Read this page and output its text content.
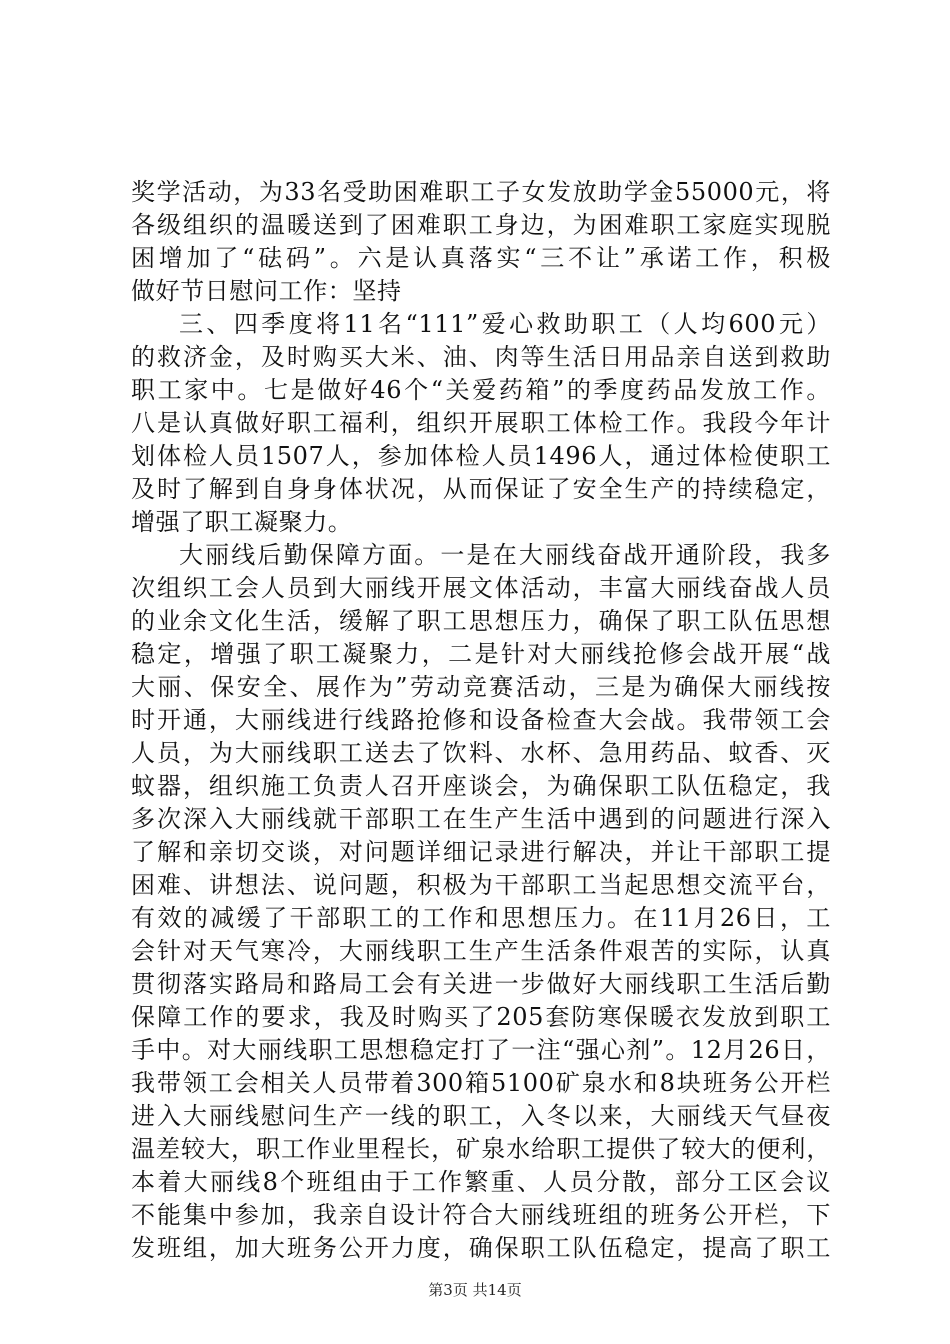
奖学活动，为33名受助困难职工子女发放助学金55000元，将
各级组织的温暖送到了困难职工身边，为困难职工家庭实现脱
困增加了“砝码”。六是认真落实“三不让”承诺工作，积极
做好节日慰问工作：坚持
三、四季度将11名“111”爱心救助职工（人均600元）
的救济金，及时购买大米、油、肉等生活日用品亲自送到救助
职工家中。七是做好46个“关爱药箱”的季度药品发放工作。
八是认真做好职工福利，组织开展职工体检工作。我段今年计
划体检人员1507人，参加体检人员1496人，通过体检使职工
及时了解到自身身体状况，从而保证了安全生产的持续稳定，
增强了职工凝聚力。
大丽线后勤保障方面。一是在大丽线奋战开通阶段，我多
次组织工会人员到大丽线开展文体活动，丰富大丽线奋战人员
的业余文化生活，缓解了职工思想压力，确保了职工队伍思想
稳定，增强了职工凝聚力，二是针对大丽线抢修会战开展“战
大丽、保安全、展作为”劳动竞赛活动，三是为确保大丽线按
时开通，大丽线进行线路抢修和设备检查大会战。我带领工会
人员，为大丽线职工送去了饮料、水杯、急用药品、蚊香、灭
蚊器，组织施工负责人召开座谈会，为确保职工队伍稳定，我
多次深入大丽线就干部职工在生产生活中遇到的问题进行深入
了解和亲切交谈，对问题详细记录进行解决，并让干部职工提
困难、讲想法、说问题，积极为干部职工当起思想交流平台，
有效的减缓了干部职工的工作和思想压力。在11月26日，工
会针对天气寒冷，大丽线职工生产生活条件艰苦的实际，认真
贯彻落实路局和路局工会有关进一步做好大丽线职工生活后勤
保障工作的要求，我及时购买了205套防寒保暖衣发放到职工
手中。对大丽线职工思想稳定打了一注“强心剂”。12月26日，
我带领工会相关人员带着300箱5100矿泉水和8块班务公开栏
进入大丽线慰问生产一线的职工，入冬以来，大丽线天气昼夜
温差较大，职工作业里程长，矿泉水给职工提供了较大的便利，
本着大丽线8个班组由于工作繁重、人员分散，部分工区会议
不能集中参加，我亲自设计符合大丽线班组的班务公开栏，下
发班组，加大班务公开力度，确保职工队伍稳定，提高了职工
第3页 共14页
